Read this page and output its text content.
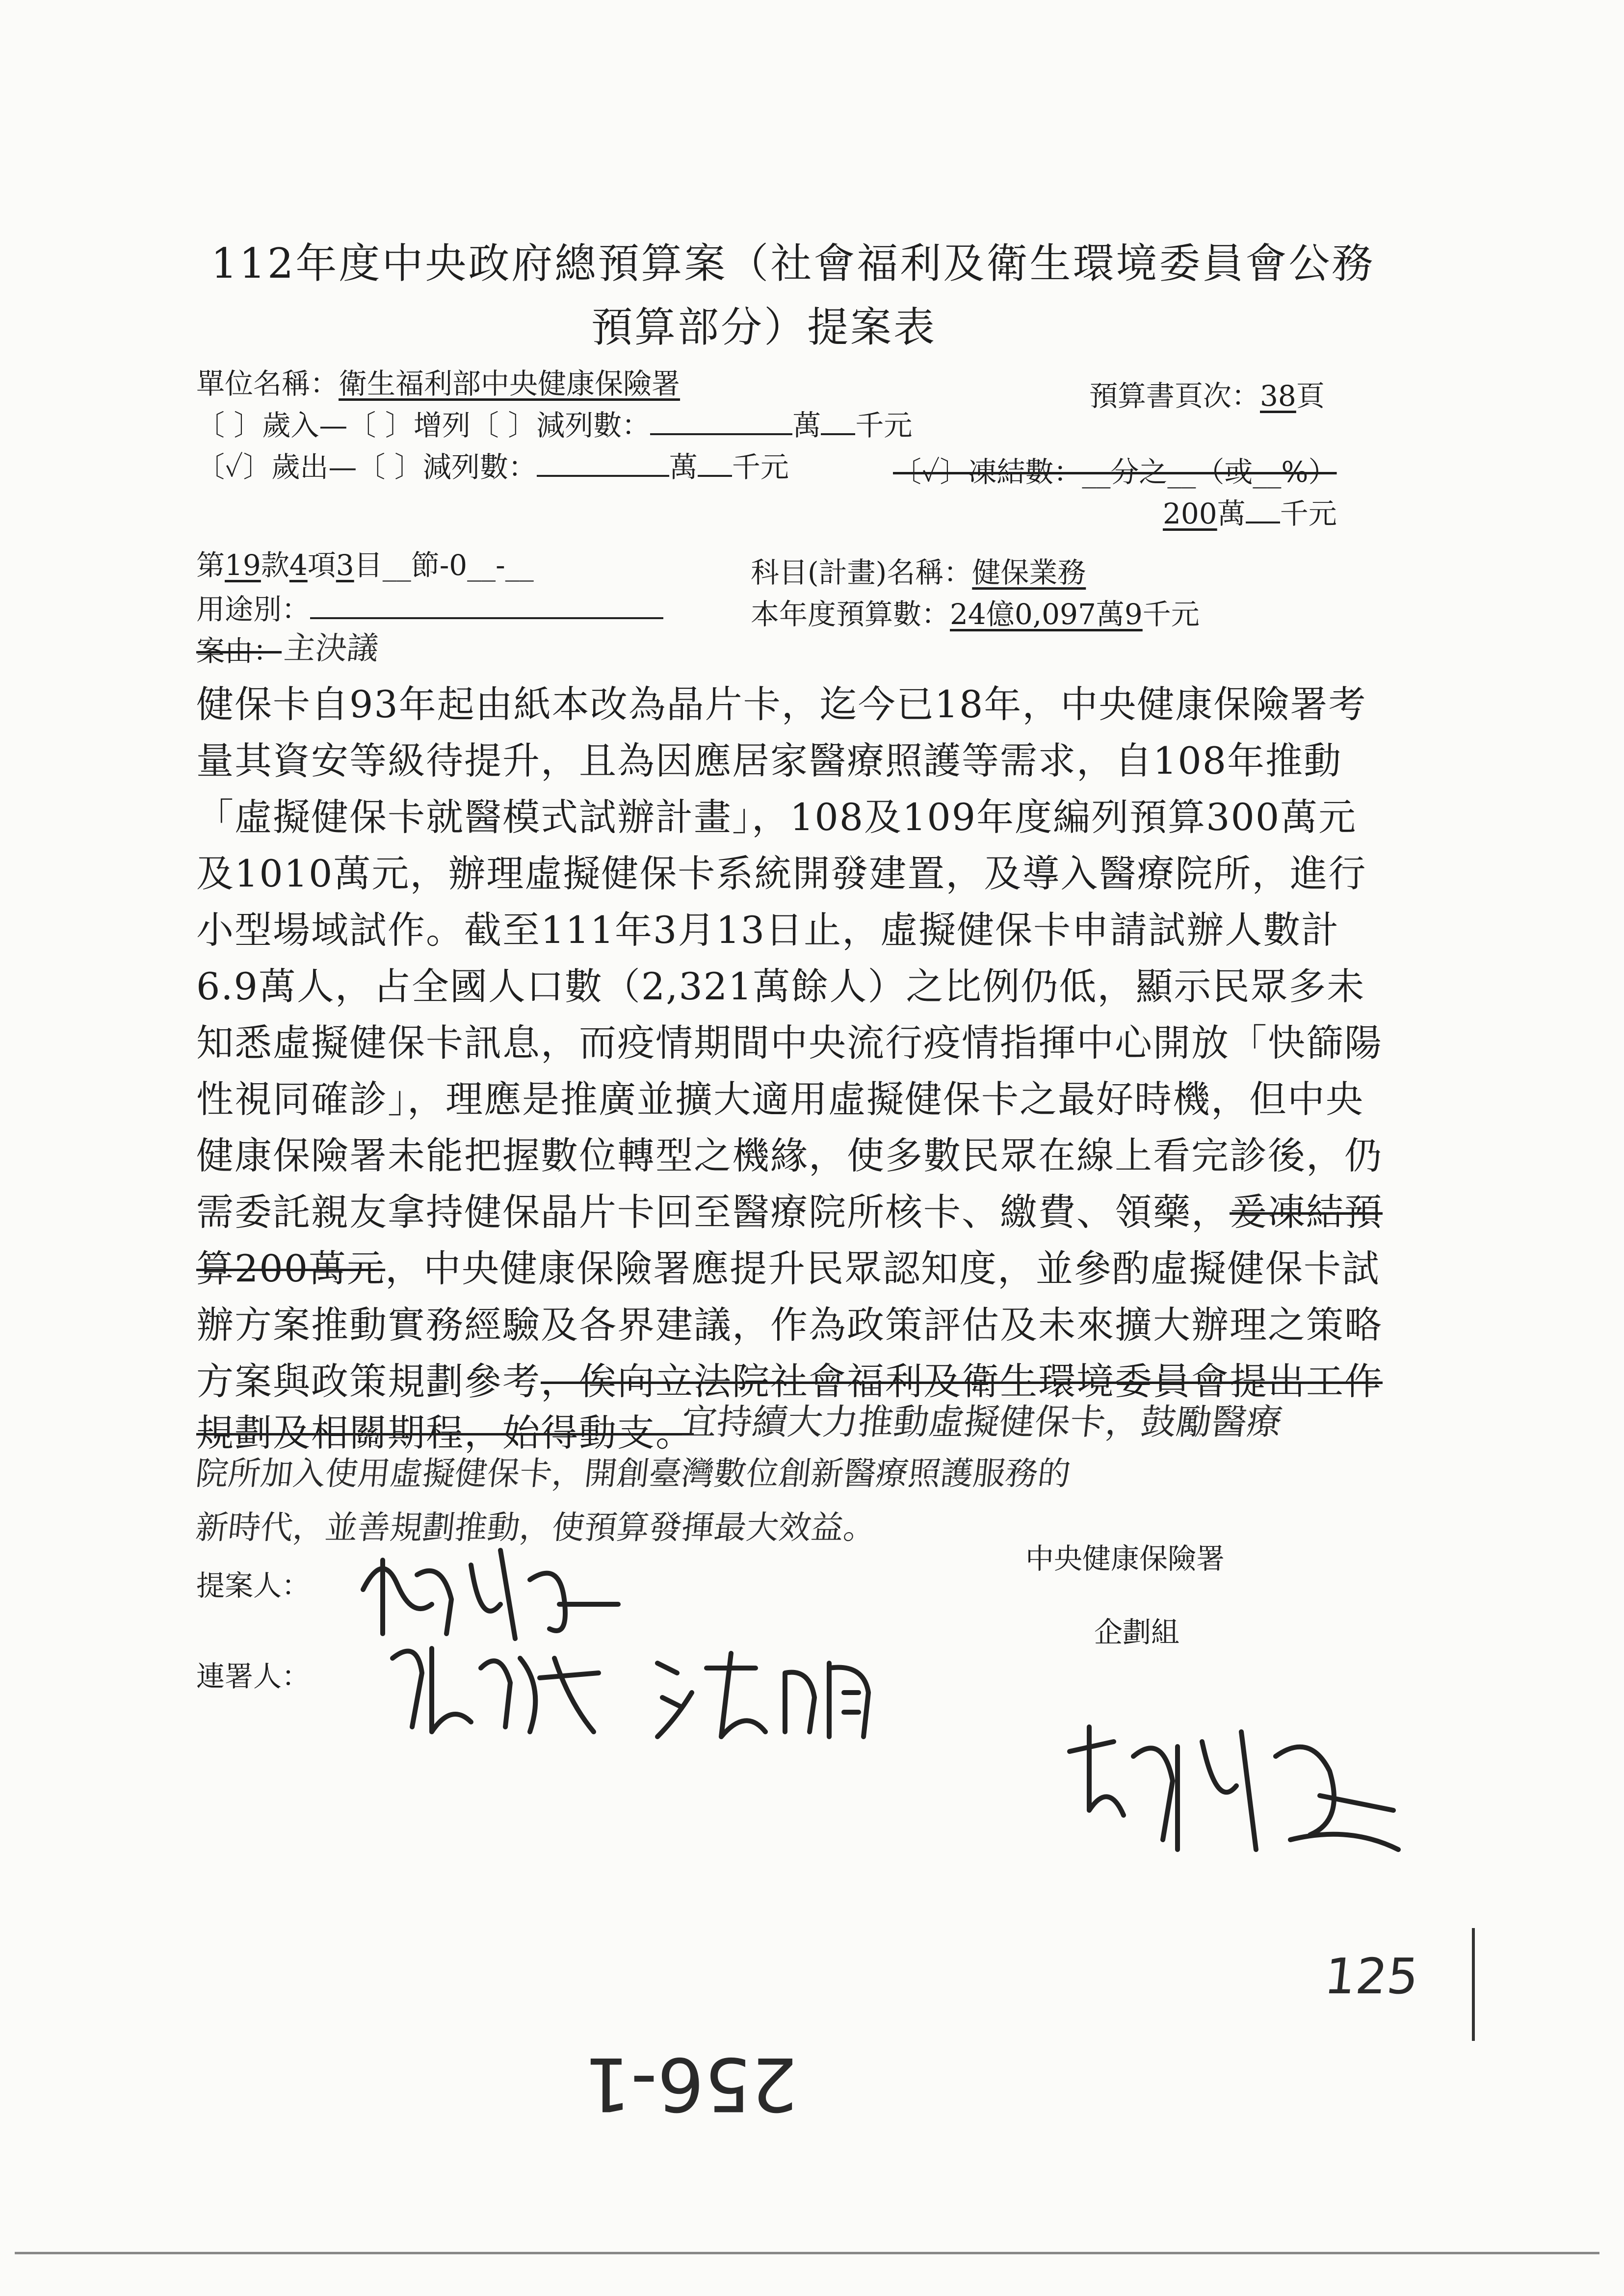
112年度中央政府總預算案（社會福利及衛生環境委員會公務
預算部分）提案表
單位名稱：衛生福利部中央健康保險署	預算書頁次：38頁
〔 〕歲入—〔 〕增列〔 〕減列數：	萬 千元
〔✓〕歲出—〔 〕減列數：	萬 千元	〔✓〕凍結數：__分之__（或__%）
200萬 千元
第19款4項3目__節-0__-__	科目(計畫)名稱：健保業務
用途別：	本年度預算數：24億0,097萬9千元
案由： 主決議
健保卡自93年起由紙本改為晶片卡，迄今已18年，中央健康保險署考
量其資安等級待提升，且為因應居家醫療照護等需求，自108年推動
「虛擬健保卡就醫模式試辦計畫」，108及109年度編列預算300萬元
及1010萬元，辦理虛擬健保卡系統開發建置，及導入醫療院所，進行
小型場域試作。截至111年3月13日止，虛擬健保卡申請試辦人數計
6.9萬人，占全國人口數（2,321萬餘人）之比例仍低，顯示民眾多未
知悉虛擬健保卡訊息，而疫情期間中央流行疫情指揮中心開放「快篩陽
性視同確診」，理應是推廣並擴大適用虛擬健保卡之最好時機，但中央
健康保險署未能把握數位轉型之機緣，使多數民眾在線上看完診後，仍
需委託親友拿持健保晶片卡回至醫療院所核卡、繳費、領藥，爰凍結預
算200萬元，中央健康保險署應提升民眾認知度，並參酌虛擬健保卡試
辦方案推動實務經驗及各界建議，作為政策評估及未來擴大辦理之策略
方案與政策規劃參考，俟向立法院社會福利及衛生環境委員會提出工作
規劃及相關期程，始得動支。
宜持續大力推動虛擬健保卡，鼓勵醫療
院所加入使用虛擬健保卡，開創臺灣數位創新醫療照護服務的
新時代，並善規劃推動，使預算發揮最大效益。
提案人：
中央健康保險署
企劃組
連署人：
125
256-1
